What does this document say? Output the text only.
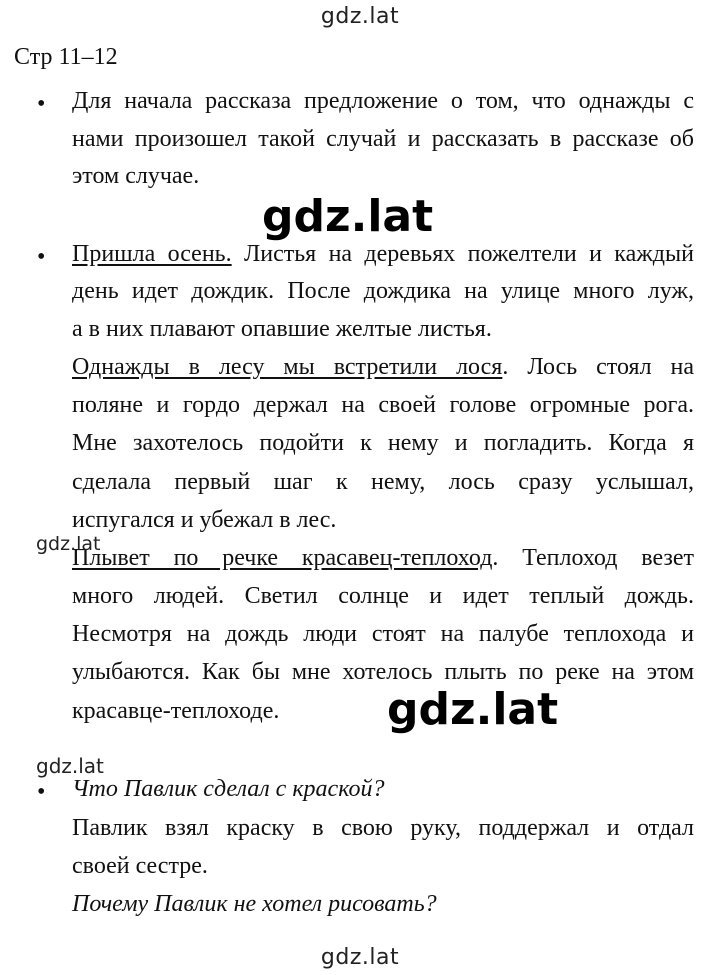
gdz.lat
Стр 11–12
• Для начала рассказа предложение о том, что однажды с
нами произошел такой случай и рассказать в рассказе об
этом случае.
gdz.lat
• Пришла осень. Листья на деревьях пожелтели и каждый
день идет дождик. После дождика на улице много луж,
а в них плавают опавшие желтые листья.
Однажды в лесу мы встретили лося. Лось стоял на
поляне и гордо держал на своей голове огромные рога.
Мне захотелось подойти к нему и погладить. Когда я
сделала первый шаг к нему, лось сразу услышал,
испугался и убежал в лес.
Плывет по речке красавец-теплоход. Теплоход везет
много людей. Светил солнце и идет теплый дождь.
Несмотря на дождь люди стоят на палубе теплохода и
улыбаются. Как бы мне хотелось плыть по реке на этом
красавце-теплоходе.
gdz.lat
gdz.lat
gdz.lat
• Что Павлик сделал с краской?
Павлик взял краску в свою руку, поддержал и отдал
своей сестре.
Почему Павлик не хотел рисовать?
gdz.lat
